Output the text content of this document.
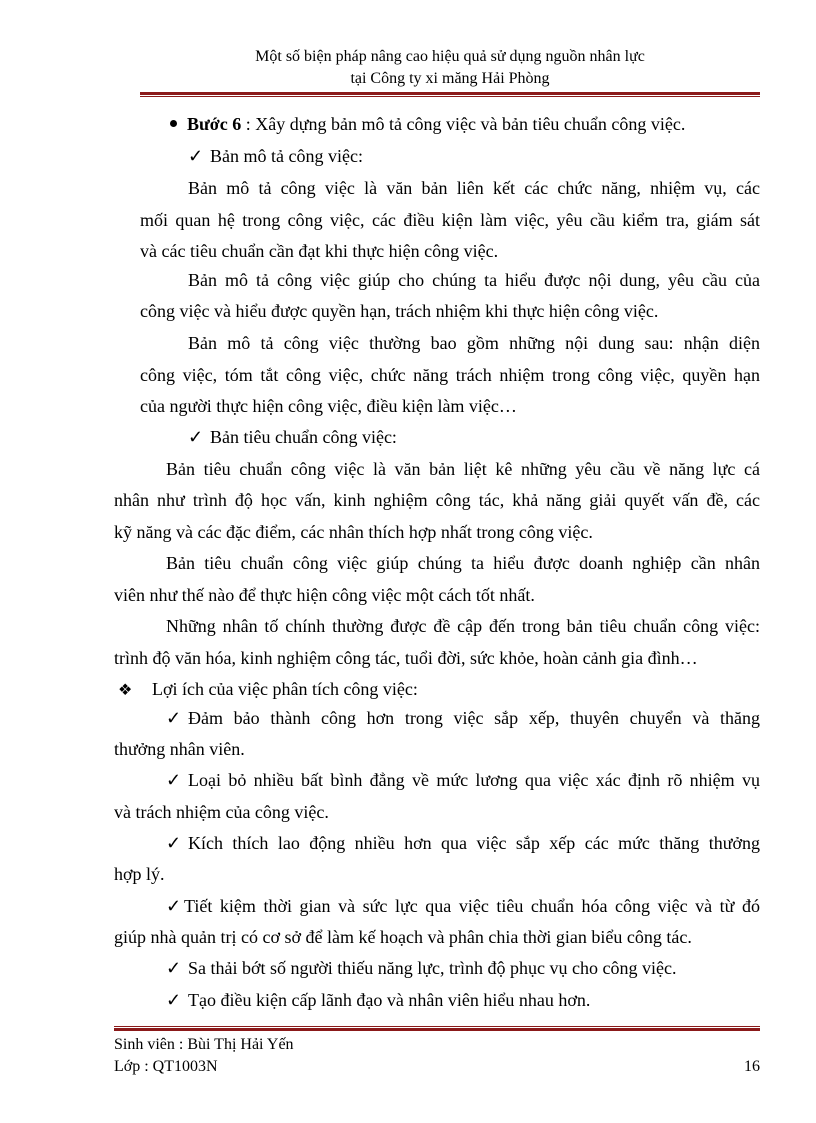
Một số biện pháp nâng cao hiệu quả sử dụng nguồn nhân lực
tại Công ty xi măng Hải Phòng
Bước 6 : Xây dựng bản mô tả công việc và bản tiêu chuẩn công việc.
✓ Bản mô tả công việc:
Bản mô tả công việc là văn bản liên kết các chức năng, nhiệm vụ, các
mối quan hệ trong công việc, các điều kiện làm việc, yêu cầu kiểm tra, giám sát
và các tiêu chuẩn cần đạt khi thực hiện công việc.
Bản mô tả công việc giúp cho chúng ta hiểu được nội dung, yêu cầu của
công việc và hiểu được quyền hạn, trách nhiệm khi thực hiện công việc.
Bản mô tả công việc thường bao gồm những nội dung sau: nhận diện
công việc, tóm tắt công việc, chức năng trách nhiệm trong công việc, quyền hạn
của người thực hiện công việc, điều kiện làm việc…
✓ Bản tiêu chuẩn công việc:
Bản tiêu chuẩn công việc là văn bản liệt kê những yêu cầu về năng lực cá
nhân như trình độ học vấn, kinh nghiệm công tác, khả năng giải quyết vấn đề, các
kỹ năng và các đặc điểm, các nhân thích hợp nhất trong công việc.
Bản tiêu chuẩn công việc giúp chúng ta hiểu được doanh nghiệp cần nhân
viên như thế nào để thực hiện công việc một cách tốt nhất.
Những nhân tố chính thường được đề cập đến trong bản tiêu chuẩn công việc:
trình độ văn hóa, kinh nghiệm công tác, tuổi đời, sức khỏe, hoàn cảnh gia đình…
❖ Lợi ích của việc phân tích công việc:
✓ Đảm bảo thành công hơn trong việc sắp xếp, thuyên chuyển và thăng
thưởng nhân viên.
✓ Loại bỏ nhiều bất bình đẳng về mức lương qua việc xác định rõ nhiệm vụ
và trách nhiệm của công việc.
✓ Kích thích lao động nhiều hơn qua việc sắp xếp các mức thăng thưởng
hợp lý.
✓ Tiết kiệm thời gian và sức lực qua việc tiêu chuẩn hóa công việc và từ đó
giúp nhà quản trị có cơ sở để làm kế hoạch và phân chia thời gian biểu công tác.
✓ Sa thải bớt số người thiếu năng lực, trình độ phục vụ cho công việc.
✓ Tạo điều kiện cấp lãnh đạo và nhân viên hiểu nhau hơn.
Sinh viên : Bùi Thị Hải Yến
Lớp : QT1003N	16
